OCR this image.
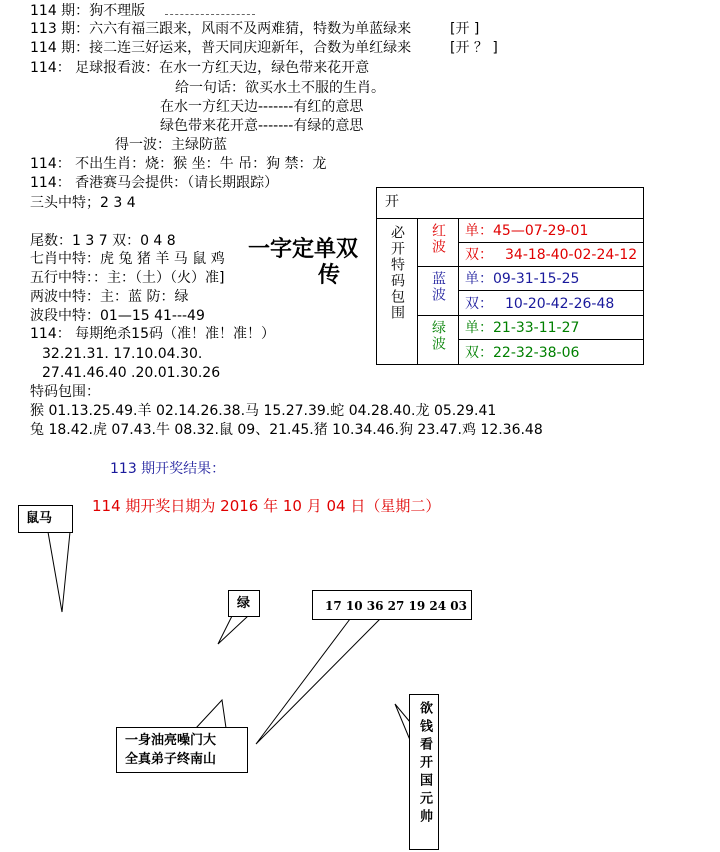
114 期：狗不理版
113 期：六六有福三跟来，风雨不及两难猜，特数为单蓝绿来	[开 ]
114 期：接二连三好运来，普天同庆迎新年，合数为单红绿来	[开 ？ ]
114： 足球报看波：在水一方红天边，绿色带来花开意
给一句话：欲买水土不服的生肖。
在水一方红天边-------有红的意思
绿色带来花开意-------有绿的意思
得一波：主绿防蓝
114： 不出生肖：烧：猴 坐：牛 吊：狗 禁：龙
114： 香港赛马会提供：（请长期跟踪）
三头中特；2 3 4
尾数：1 3 7 双：0 4 8
七肖中特：虎 兔 猪 羊 马 鼠 鸡
五行中特：：主：（土）（火）准]
两波中特：主：蓝 防：绿
波段中特：01—15 41---49
114： 每期绝杀15码（准！准！准！）
32.21.31. 17.10.04.30.
27.41.46.40 .20.01.30.26
特码包围：
猴 01.13.25.49.羊 02.14.26.38.马 15.27.39.蛇 04.28.40.龙 05.29.41
兔 18.42.虎 07.43.牛 08.32.鼠 09、21.45.猪 10.34.46.狗 23.47.鸡 12.36.48
一字定单双
传
开
必开特码包围 红波 单： 45—07-29-01
双： 34-18-40-02-24-12
蓝波 单： 09-31-15-25
双： 10-20-42-26-48
绿波 单： 21-33-11-27
双： 22-32-38-06
113 期开奖结果：
114 期开奖日期为 2016 年 10 月 04 日（星期二）
鼠马
绿	17 10 36 27 19 24 03
一身油亮噪门大
全真弟子终南山	欲钱看开国元帅
